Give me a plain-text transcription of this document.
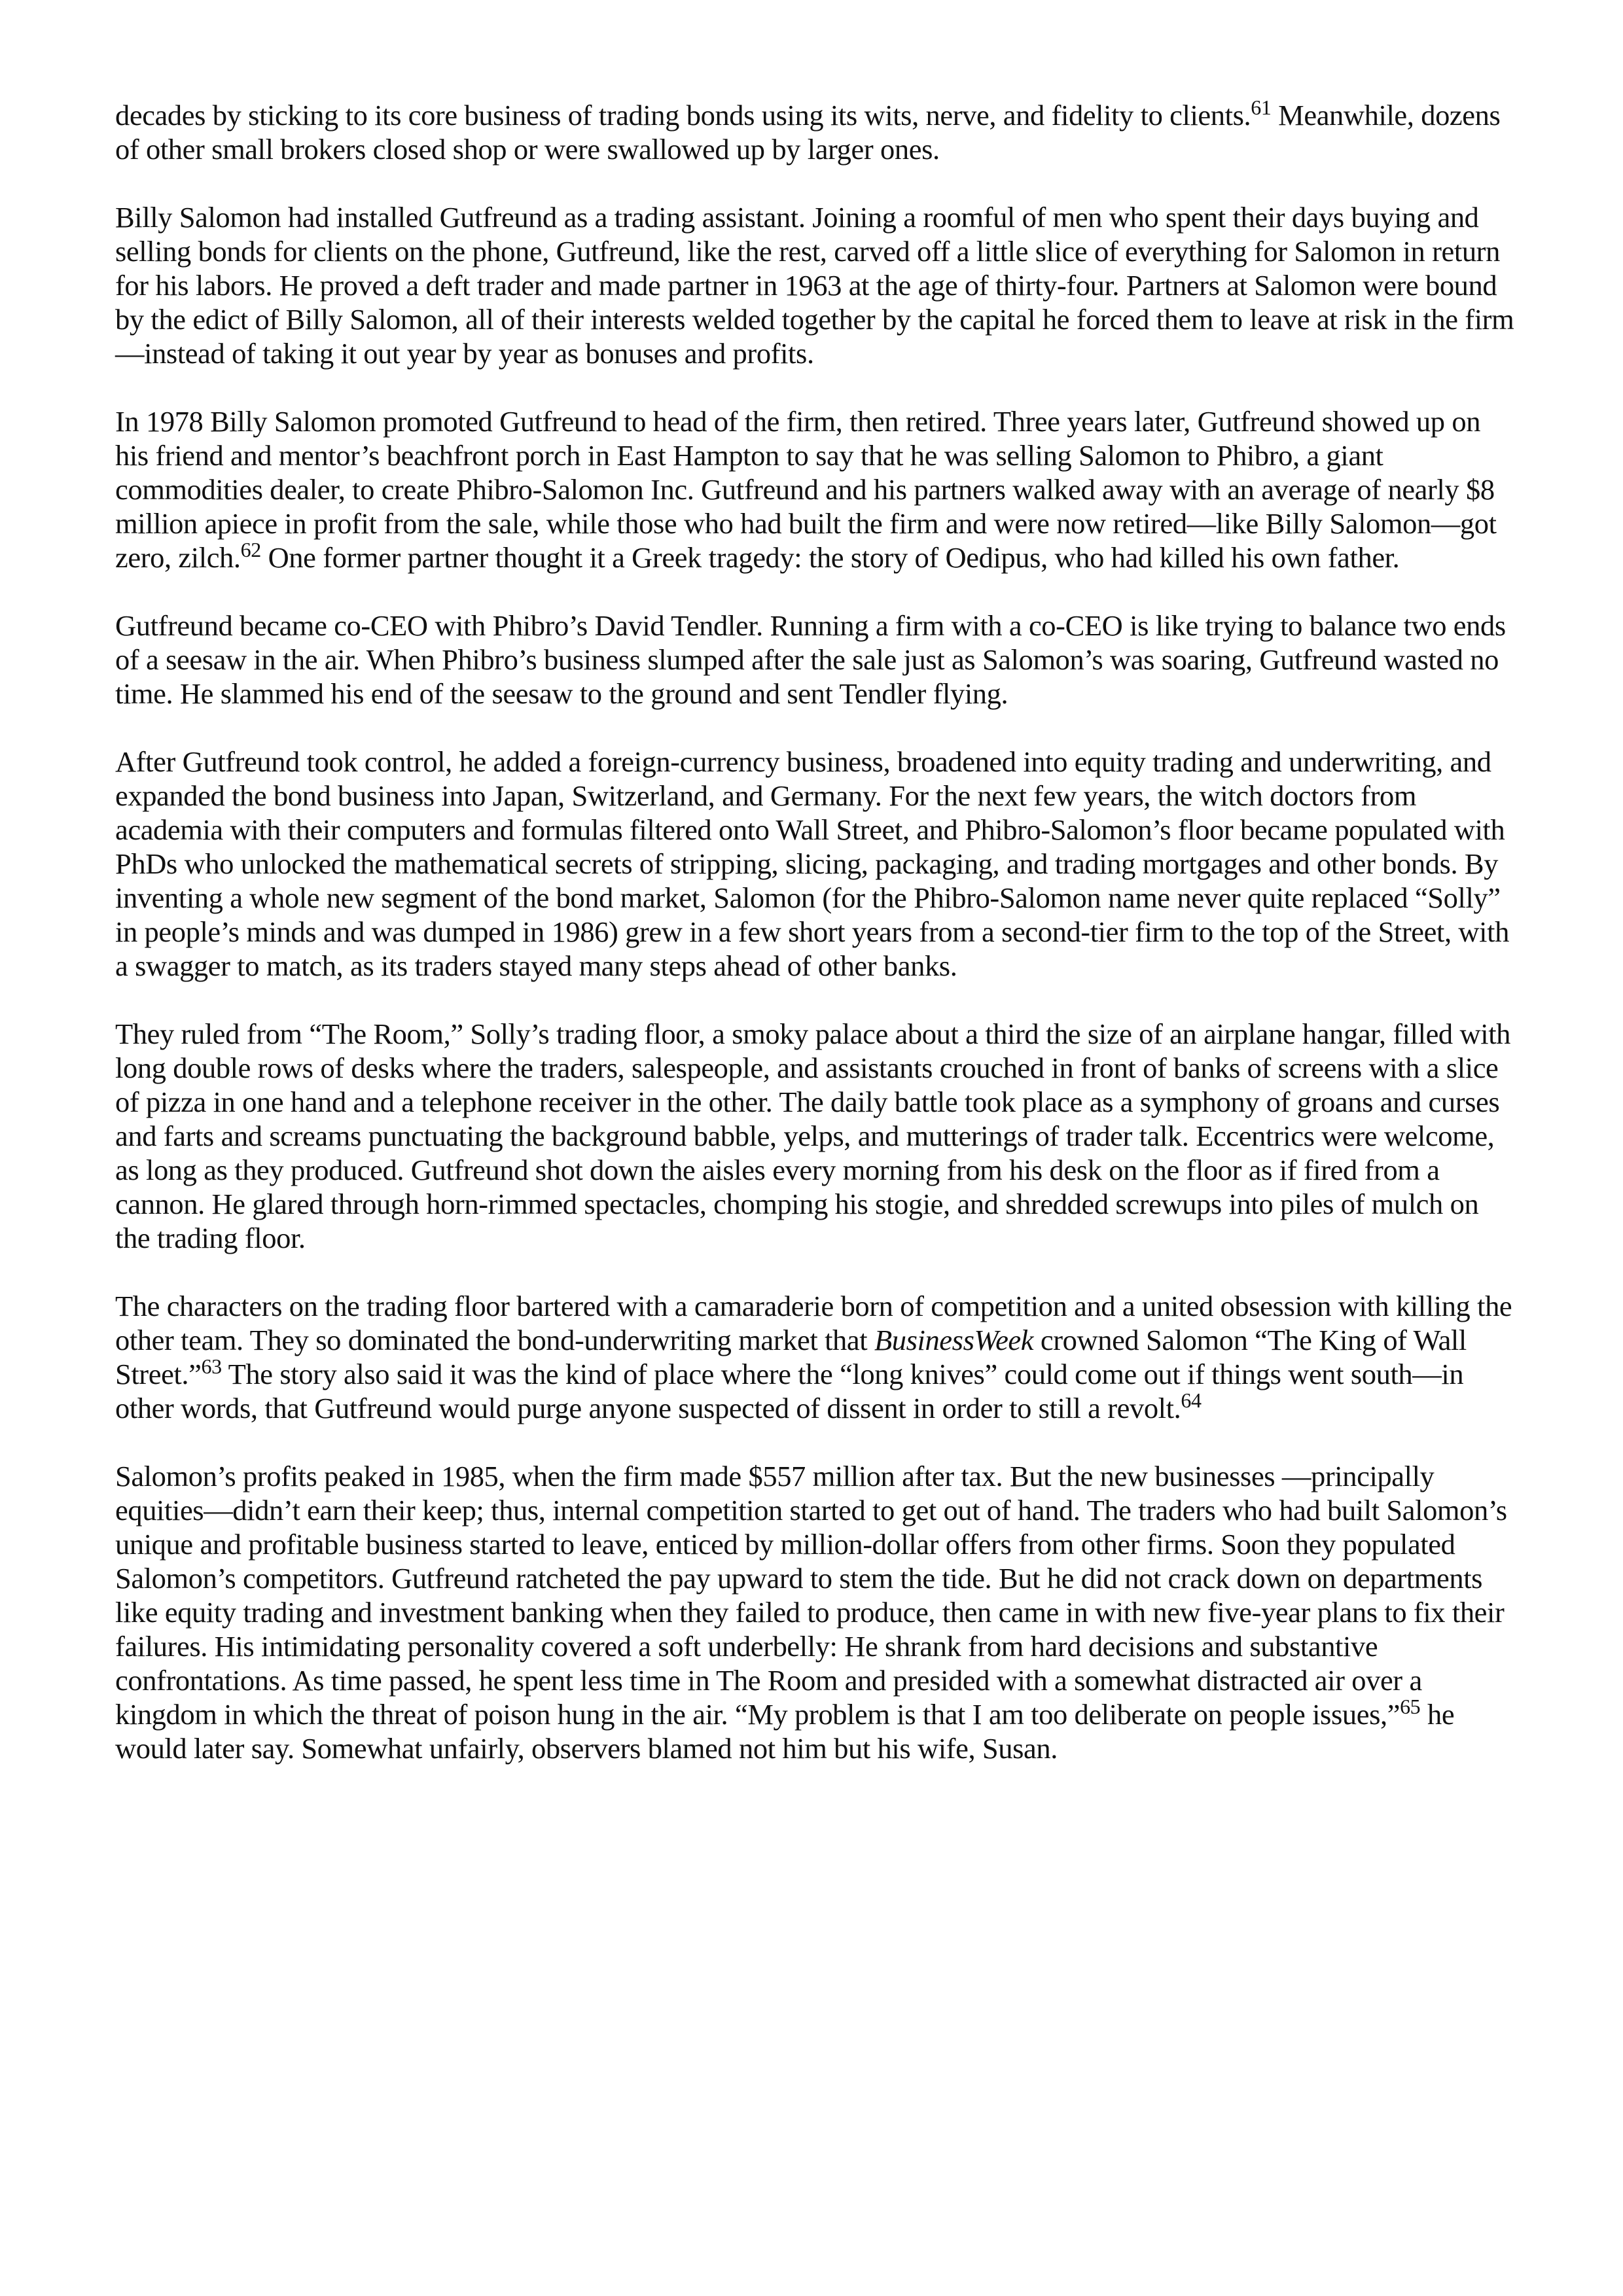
decades by sticking to its core business of trading bonds using its wits, nerve, and fidelity to clients.$^{61}$ Meanwhile, dozens of other small brokers closed shop or were swallowed up by larger ones.

Billy Salomon had installed Gutfreund as a trading assistant. Joining a roomful of men who spent their days buying and selling bonds for clients on the phone, Gutfreund, like the rest, carved off a little slice of everything for Salomon in return for his labors. He proved a deft trader and made partner in 1963 at the age of thirty-four. Partners at Salomon were bound by the edict of Billy Salomon, all of their interests welded together by the capital he forced them to leave at risk in the firm—instead of taking it out year by year as bonuses and profits.

In 1978 Billy Salomon promoted Gutfreund to head of the firm, then retired. Three years later, Gutfreund showed up on his friend and mentor’s beachfront porch in East Hampton to say that he was selling Salomon to Phibro, a giant commodities dealer, to create Phibro-Salomon Inc. Gutfreund and his partners walked away with an average of nearly $8 million apiece in profit from the sale, while those who had built the firm and were now retired—like Billy Salomon—got zero, zilch.$^{62}$ One former partner thought it a Greek tragedy: the story of Oedipus, who had killed his own father.

Gutfreund became co-CEO with Phibro’s David Tendler. Running a firm with a co-CEO is like trying to balance two ends of a seesaw in the air. When Phibro’s business slumped after the sale just as Salomon’s was soaring, Gutfreund wasted no time. He slammed his end of the seesaw to the ground and sent Tendler flying.

After Gutfreund took control, he added a foreign-currency business, broadened into equity trading and underwriting, and expanded the bond business into Japan, Switzerland, and Germany. For the next few years, the witch doctors from academia with their computers and formulas filtered onto Wall Street, and Phibro-Salomon’s floor became populated with PhDs who unlocked the mathematical secrets of stripping, slicing, packaging, and trading mortgages and other bonds. By inventing a whole new segment of the bond market, Salomon (for the Phibro-Salomon name never quite replaced “Solly” in people’s minds and was dumped in 1986) grew in a few short years from a second-tier firm to the top of the Street, with a swagger to match, as its traders stayed many steps ahead of other banks.

They ruled from “The Room,” Solly’s trading floor, a smoky palace about a third the size of an airplane hangar, filled with long double rows of desks where the traders, salespeople, and assistants crouched in front of banks of screens with a slice of pizza in one hand and a telephone receiver in the other. The daily battle took place as a symphony of groans and curses and farts and screams punctuating the background babble, yelps, and mutterings of trader talk. Eccentrics were welcome, as long as they produced. Gutfreund shot down the aisles every morning from his desk on the floor as if fired from a cannon. He glared through horn-rimmed spectacles, chomping his stogie, and shredded screwups into piles of mulch on the trading floor.

The characters on the trading floor bartered with a camaraderie born of competition and a united obsession with killing the other team. They so dominated the bond-underwriting market that BusinessWeek crowned Salomon “The King of Wall Street.”$^{63}$ The story also said it was the kind of place where the “long knives” could come out if things went south—in other words, that Gutfreund would purge anyone suspected of dissent in order to still a revolt.$^{64}$

Salomon’s profits peaked in 1985, when the firm made $557 million after tax. But the new businesses —principally equities—didn’t earn their keep; thus, internal competition started to get out of hand. The traders who had built Salomon’s unique and profitable business started to leave, enticed by million-dollar offers from other firms. Soon they populated Salomon’s competitors. Gutfreund ratcheted the pay upward to stem the tide. But he did not crack down on departments like equity trading and investment banking when they failed to produce, then came in with new five-year plans to fix their failures. His intimidating personality covered a soft underbelly: He shrank from hard decisions and substantive confrontations. As time passed, he spent less time in The Room and presided with a somewhat distracted air over a kingdom in which the threat of poison hung in the air. “My problem is that I am too deliberate on people issues,”$^{65}$ he would later say. Somewhat unfairly, observers blamed not him but his wife, Susan.
